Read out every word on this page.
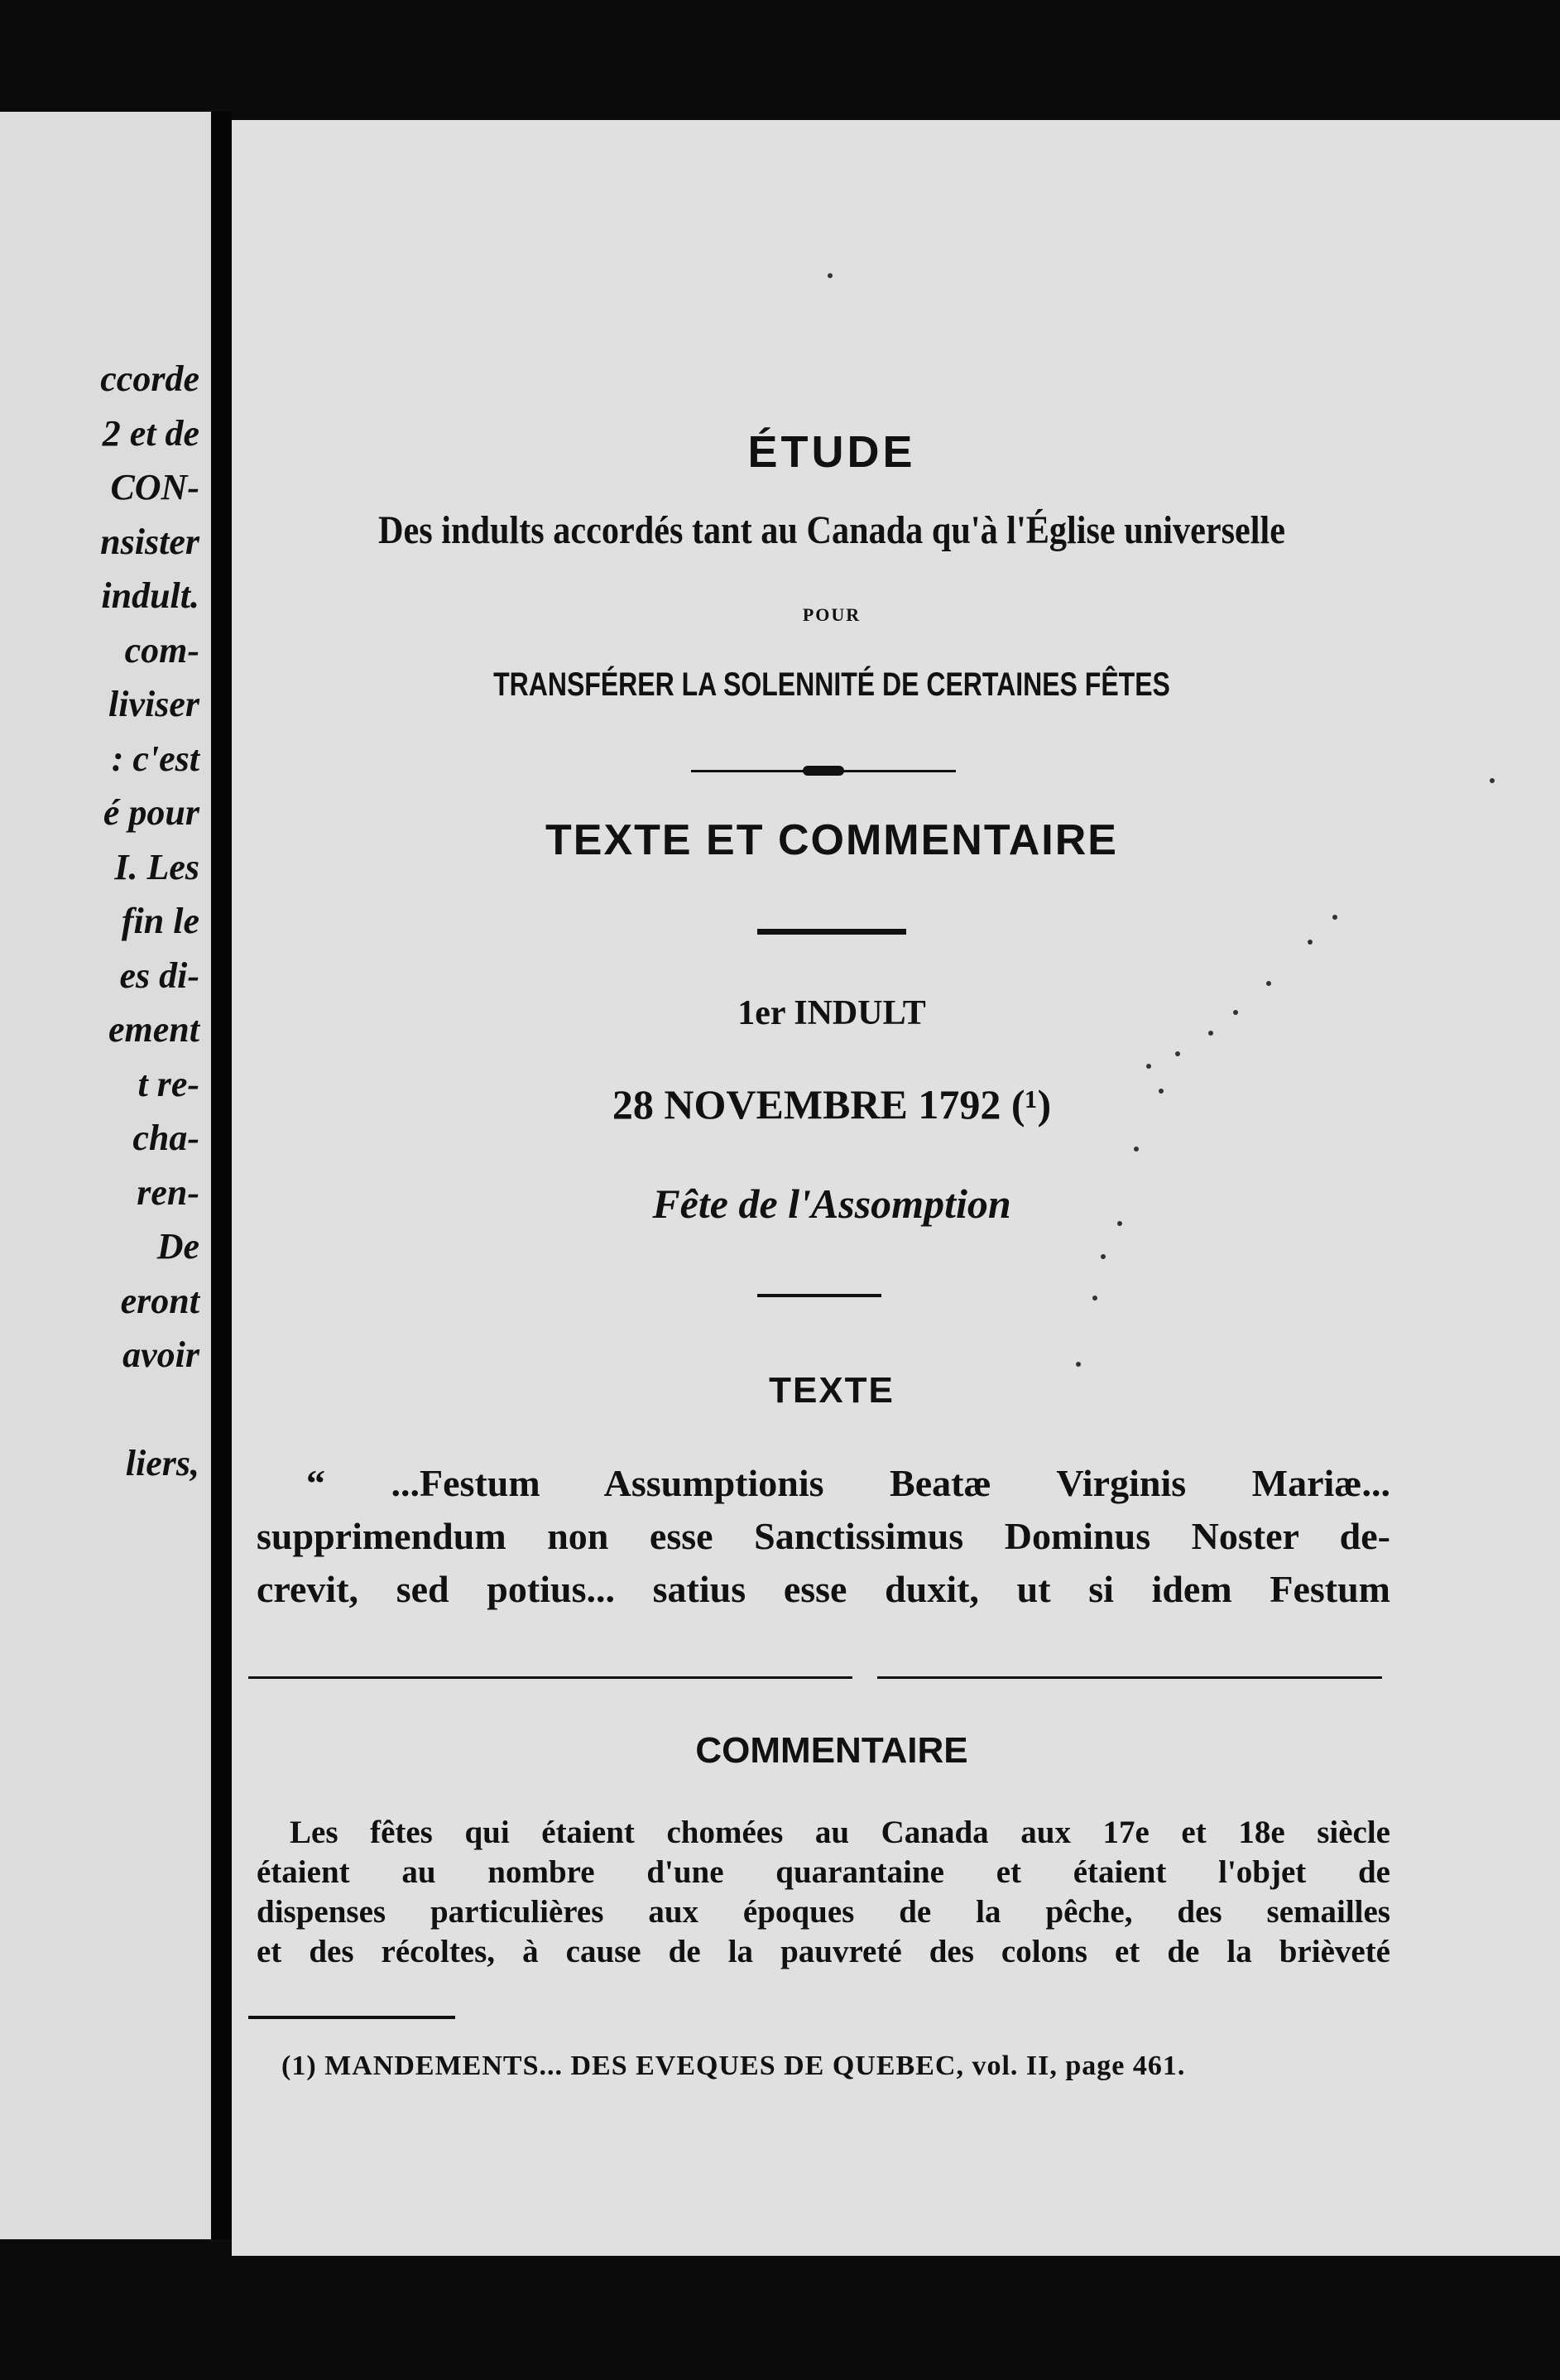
ccorde
2 et de
CON-
nsister
indult.
com-
liviser
: c'est
é pour
I. Les
fin le
es di-
ement
t re-
cha-
ren-
De
eront
avoir

liers,
ÉTUDE
Des indults accordés tant au Canada qu'à l'Église universelle
POUR
TRANSFÉRER LA SOLENNITÉ DE CERTAINES FÊTES
TEXTE ET COMMENTAIRE
1er INDULT
28 NOVEMBRE 1792 (¹)
Fête de l'Assomption
TEXTE
“ ...Festum Assumptionis Beatæ Virginis Mariæ...
supprimendum non esse Sanctissimus Dominus Noster de-
crevit, sed potius... satius esse duxit, ut si idem Festum
COMMENTAIRE
Les fêtes qui étaient chomées au Canada aux 17e et 18e siècle
étaient au nombre d'une quarantaine et étaient l'objet de
dispenses particulières aux époques de la pêche, des semailles
et des récoltes, à cause de la pauvreté des colons et de la brièveté
(1) MANDEMENTS... DES EVEQUES DE QUEBEC, vol. II, page 461.
